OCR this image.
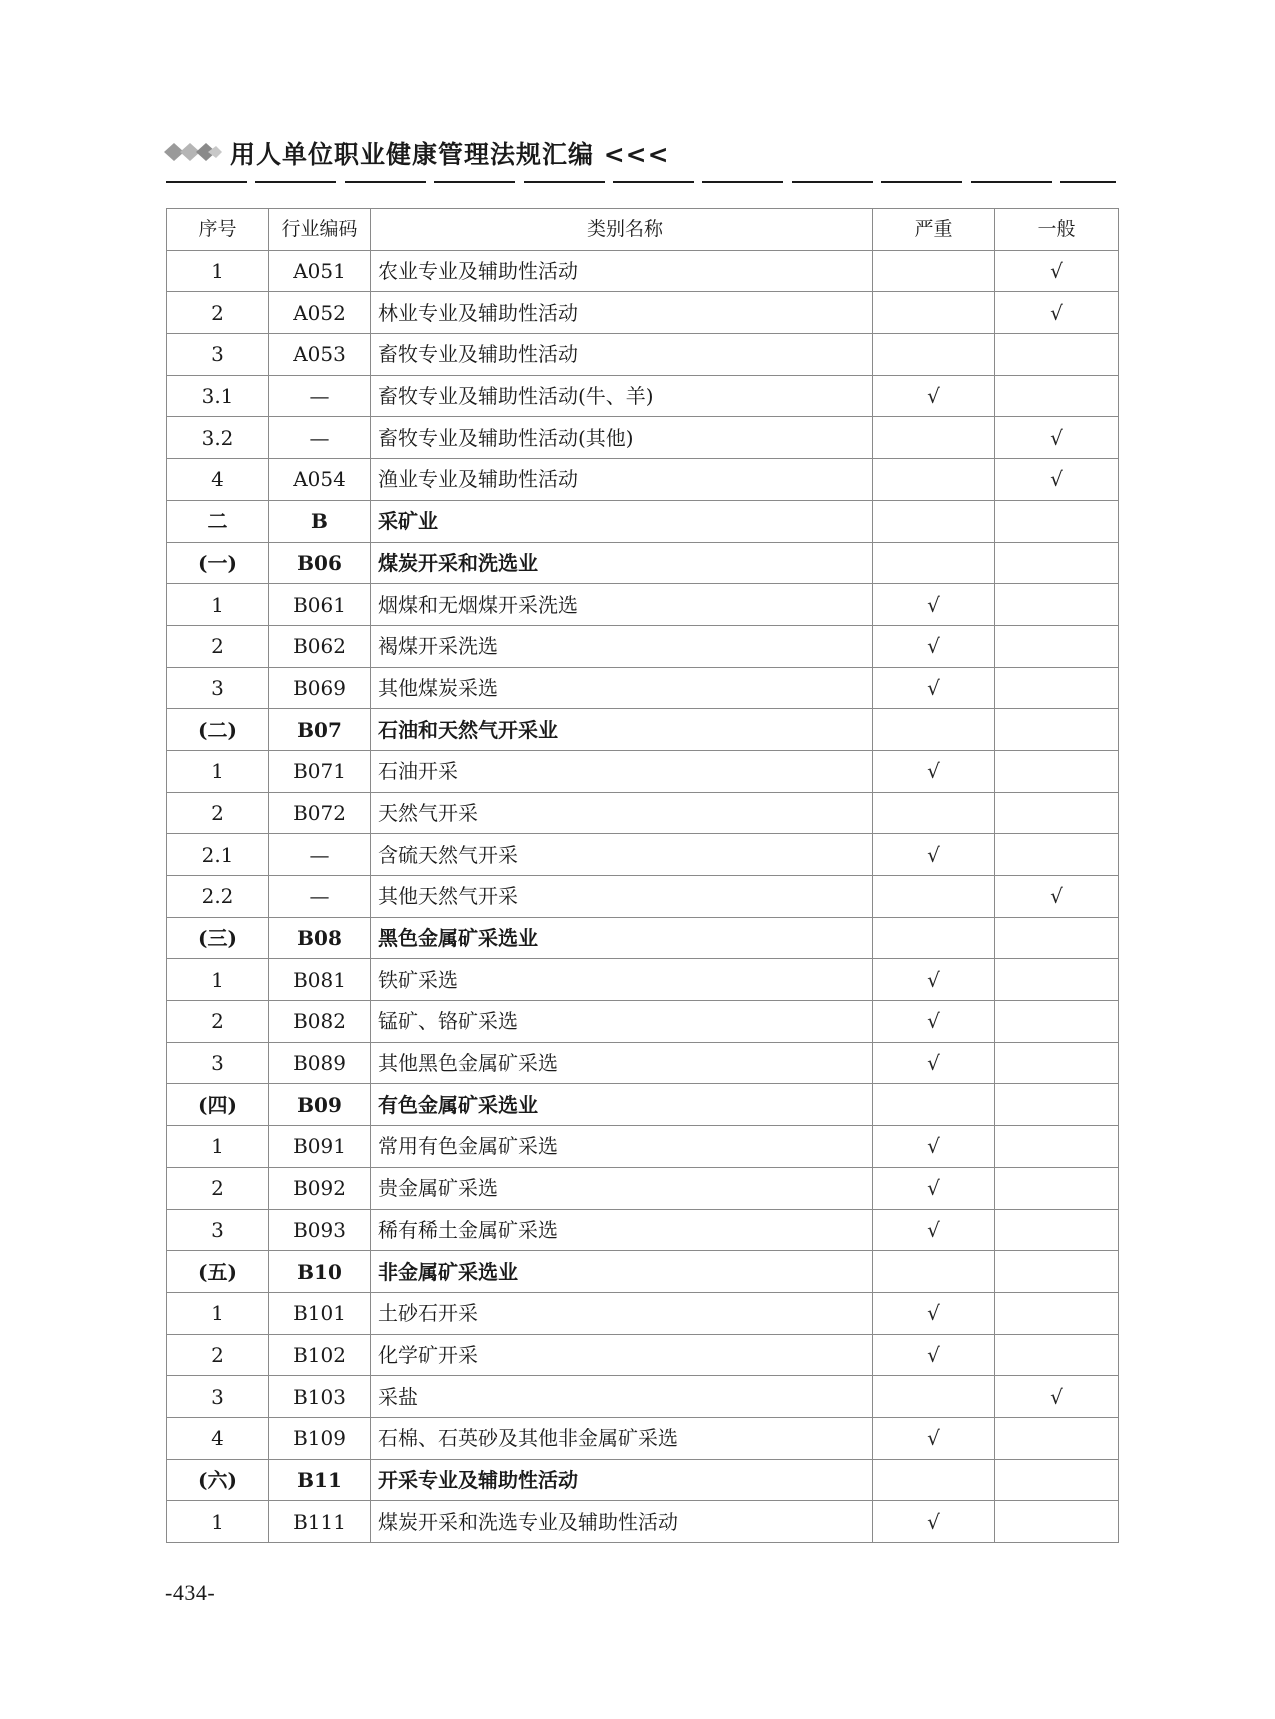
用人单位职业健康管理法规汇编 <<<
序号	行业编码	类别名称	严重	一般
1	A051	农业专业及辅助性活动		√
2	A052	林业专业及辅助性活动		√
3	A053	畜牧专业及辅助性活动		
3.1	—	畜牧专业及辅助性活动(牛、羊)	√	
3.2	—	畜牧专业及辅助性活动(其他)		√
4	A054	渔业专业及辅助性活动		√
二	B	采矿业		
(一)	B06	煤炭开采和洗选业		
1	B061	烟煤和无烟煤开采洗选	√	
2	B062	褐煤开采洗选	√	
3	B069	其他煤炭采选	√	
(二)	B07	石油和天然气开采业		
1	B071	石油开采	√	
2	B072	天然气开采		
2.1	—	含硫天然气开采	√	
2.2	—	其他天然气开采		√
(三)	B08	黑色金属矿采选业		
1	B081	铁矿采选	√	
2	B082	锰矿、铬矿采选	√	
3	B089	其他黑色金属矿采选	√	
(四)	B09	有色金属矿采选业		
1	B091	常用有色金属矿采选	√	
2	B092	贵金属矿采选	√	
3	B093	稀有稀土金属矿采选	√	
(五)	B10	非金属矿采选业		
1	B101	土砂石开采	√	
2	B102	化学矿开采	√	
3	B103	采盐		√
4	B109	石棉、石英砂及其他非金属矿采选	√	
(六)	B11	开采专业及辅助性活动		
1	B111	煤炭开采和洗选专业及辅助性活动	√	
-434-
